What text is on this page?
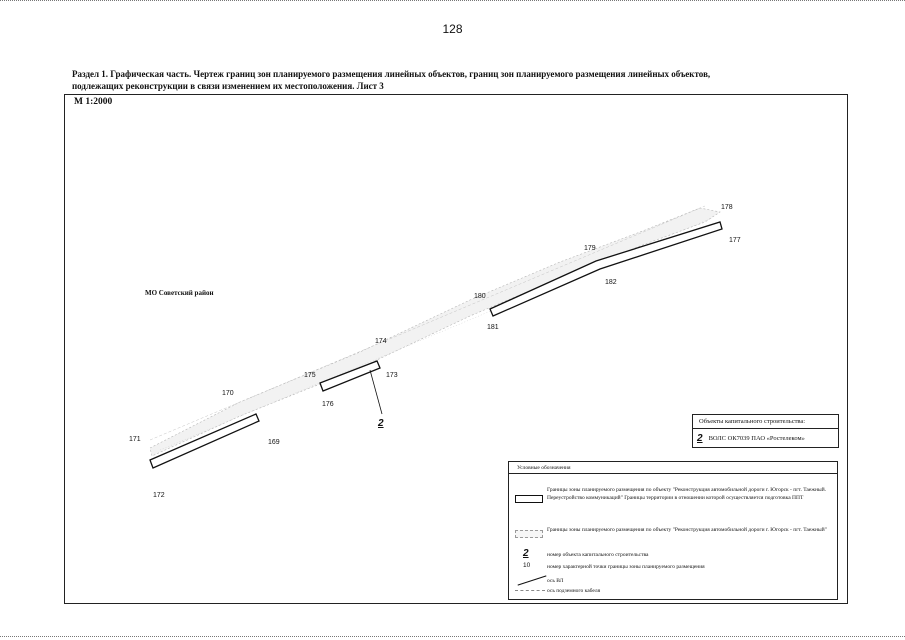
128
Раздел 1. Графическая часть. Чертеж границ зон планируемого размещения линейных объектов, границ зон планируемого размещения линейных объектов,
подлежащих реконструкции в связи изменением их местоположения. Лист 3
М 1:2000
2
МО Советский район
169
170
171
172
173
174
175
176
177
178
179
180
181
182
Объекты капитального строительства:
2 ВОЛС ОК7039 ПАО «Ростелеком»
Условные обозначения
Границы зоны планируемого размещения по объекту "Реконструкция автомобильной дороги г. Югорск - пгт. Таежный. Переустройство коммуникаций" Границы территории в отношении которой осуществляется подготовка ППТ
Границы зоны планируемого размещения по объекту "Реконструкция автомобильной дороги г. Югорск - пгт. Таежный"
2	номер объекта капитального строительства
10	номер характерной точки границы зоны планируемого размещения
ось ВЛ
ось подземного кабеля
